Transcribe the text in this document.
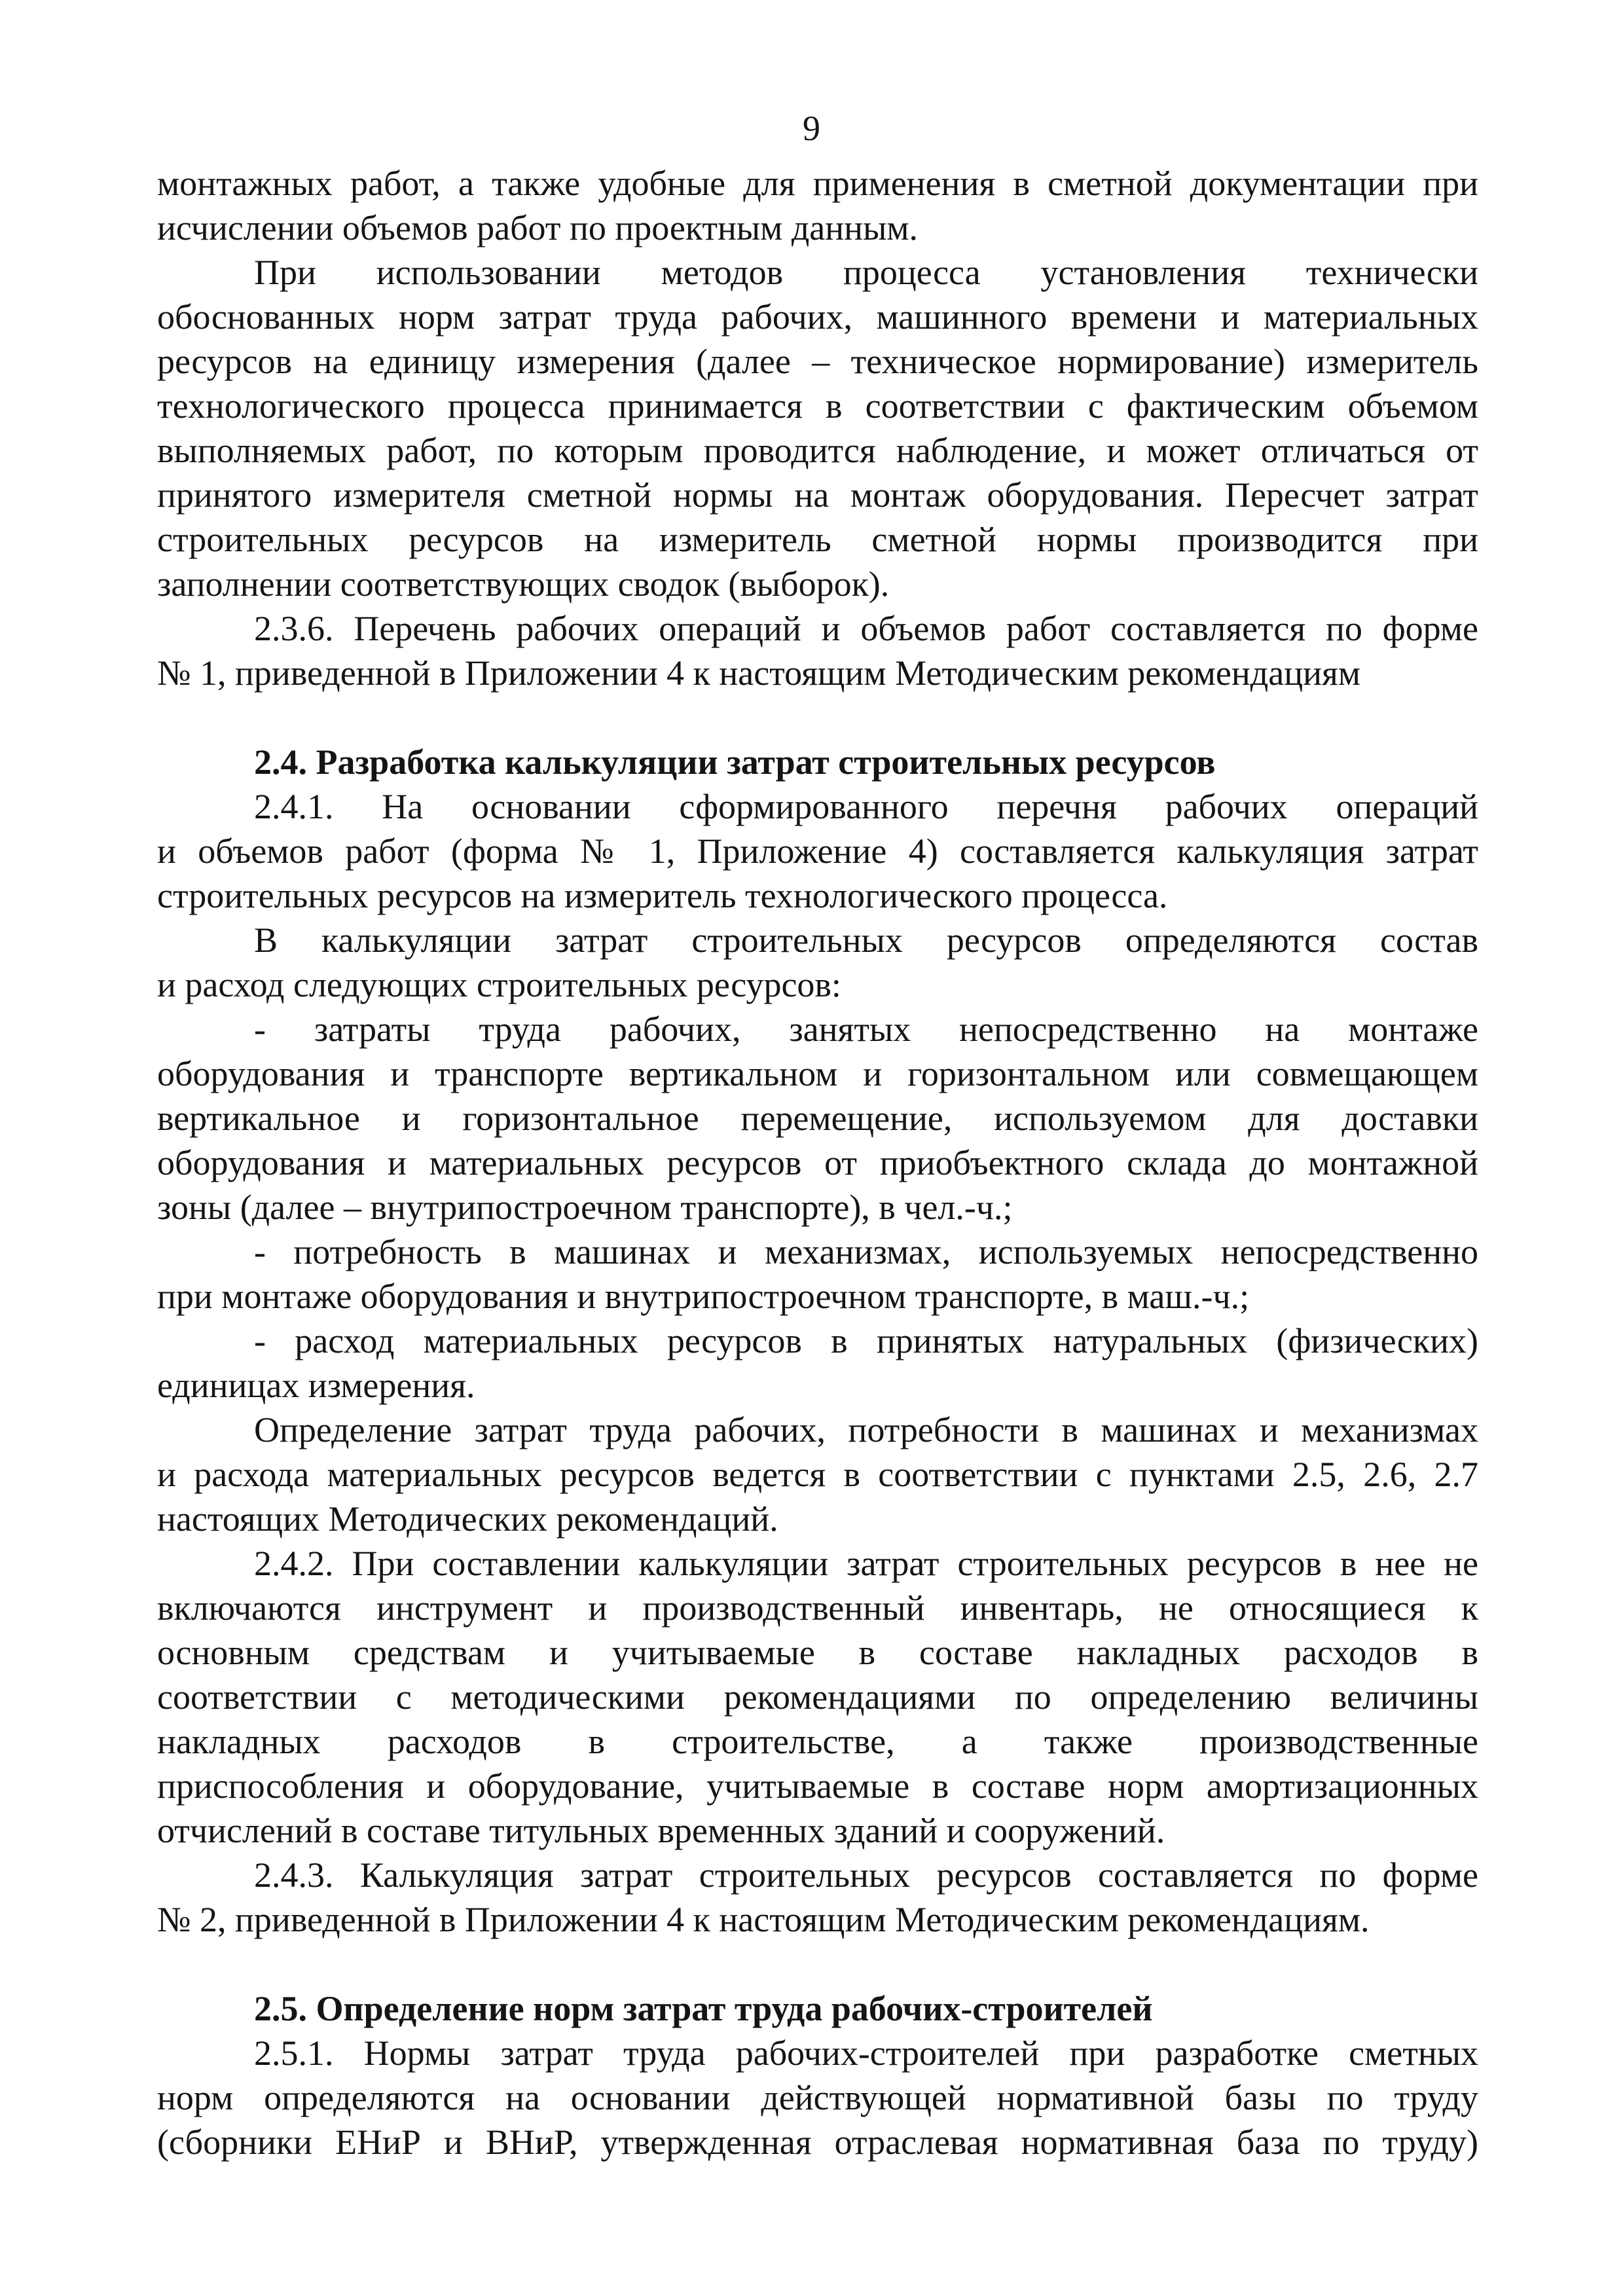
9
монтажных работ, а также удобные для применения в сметной документации при
исчислении объемов работ по проектным данным.
При использовании методов процесса установления технически
обоснованных норм затрат труда рабочих, машинного времени и материальных
ресурсов на единицу измерения (далее – техническое нормирование) измеритель
технологического процесса принимается в соответствии с фактическим объемом
выполняемых работ, по которым проводится наблюдение, и может отличаться от
принятого измерителя сметной нормы на монтаж оборудования. Пересчет затрат
строительных ресурсов на измеритель сметной нормы производится при
заполнении соответствующих сводок (выборок).
2.3.6. Перечень рабочих операций и объемов работ составляется по форме
№ 1, приведенной в Приложении 4 к настоящим Методическим рекомендациям
2.4. Разработка калькуляции затрат строительных ресурсов
2.4.1. На основании сформированного перечня рабочих операций
и объемов работ (форма № 1, Приложение 4) составляется калькуляция затрат
строительных ресурсов на измеритель технологического процесса.
В калькуляции затрат строительных ресурсов определяются состав
и расход следующих строительных ресурсов:
- затраты труда рабочих, занятых непосредственно на монтаже
оборудования и транспорте вертикальном и горизонтальном или совмещающем
вертикальное и горизонтальное перемещение, используемом для доставки
оборудования и материальных ресурсов от приобъектного склада до монтажной
зоны (далее – внутрипостроечном транспорте), в чел.-ч.;
- потребность в машинах и механизмах, используемых непосредственно
при монтаже оборудования и внутрипостроечном транспорте, в маш.-ч.;
- расход материальных ресурсов в принятых натуральных (физических)
единицах измерения.
Определение затрат труда рабочих, потребности в машинах и механизмах
и расхода материальных ресурсов ведется в соответствии с пунктами 2.5, 2.6, 2.7
настоящих Методических рекомендаций.
2.4.2. При составлении калькуляции затрат строительных ресурсов в нее не
включаются инструмент и производственный инвентарь, не относящиеся к
основным средствам и учитываемые в составе накладных расходов в
соответствии с методическими рекомендациями по определению величины
накладных расходов в строительстве, а также производственные
приспособления и оборудование, учитываемые в составе норм амортизационных
отчислений в составе титульных временных зданий и сооружений.
2.4.3. Калькуляция затрат строительных ресурсов составляется по форме
№ 2, приведенной в Приложении 4 к настоящим Методическим рекомендациям.
2.5. Определение норм затрат труда рабочих-строителей
2.5.1. Нормы затрат труда рабочих-строителей при разработке сметных
норм определяются на основании действующей нормативной базы по труду
(сборники ЕНиР и ВНиР, утвержденная отраслевая нормативная база по труду)
